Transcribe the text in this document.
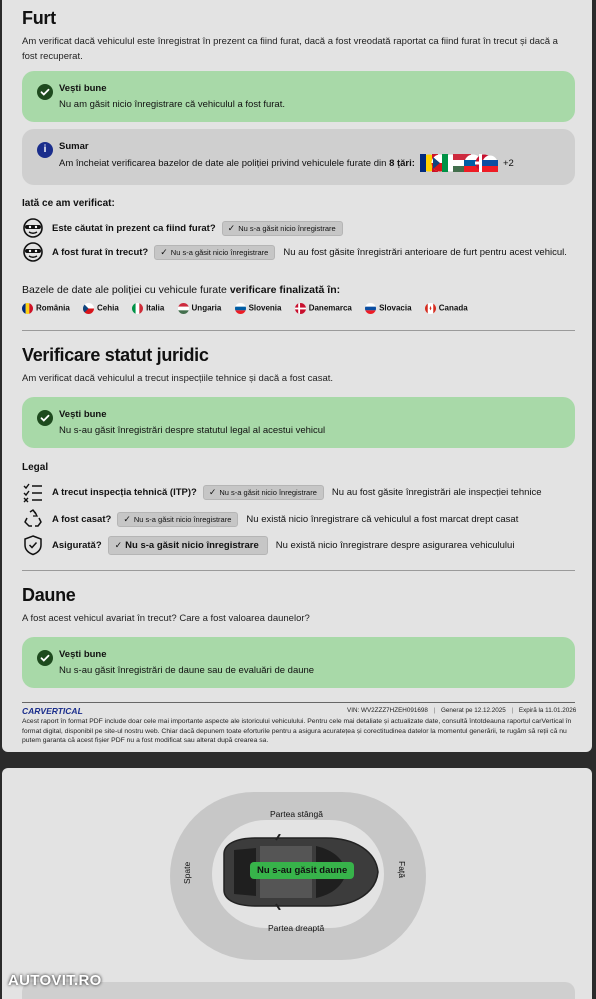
Furt
Am verificat dacă vehiculul este înregistrat în prezent ca fiind furat, dacă a fost vreodată raportat ca fiind furat în trecut și dacă a fost recuperat.
Vești bune
Nu am găsit nicio înregistrare că vehiculul a fost furat.
i	Sumar
Am încheiat verificarea bazelor de date ale poliției privind vehiculele furate din 8 țări:	+2
Iată ce am verificat:
Este căutat în prezent ca fiind furat?	✓ Nu s-a găsit nicio înregistrare
A fost furat în trecut?	✓ Nu s-a găsit nicio înregistrare	Nu au fost găsite înregistrări anterioare de furt pentru acest vehicul.
Bazele de date ale poliției cu vehicule furate verificare finalizată în:
România	Cehia	Italia	Ungaria	Slovenia	Danemarca	Slovacia	Canada
Verificare statut juridic
Am verificat dacă vehiculul a trecut inspecțiile tehnice și dacă a fost casat.
Vești bune
Nu s-au găsit înregistrări despre statutul legal al acestui vehicul
Legal
A trecut inspecția tehnică (ITP)?	✓ Nu s-a găsit nicio înregistrare	Nu au fost găsite înregistrări ale inspecției tehnice
A fost casat?	✓ Nu s-a găsit nicio înregistrare	Nu există nicio înregistrare că vehiculul a fost marcat drept casat
Asigurată?	✓ Nu s-a găsit nicio înregistrare	Nu există nicio înregistrare despre asigurarea vehiculului
Daune
A fost acest vehicul avariat în trecut? Care a fost valoarea daunelor?
Vești bune
Nu s-au găsit înregistrări de daune sau de evaluări de daune
CARVERTICAL	VIN: WV2ZZZ7HZEH091698 | Generat pe 12.12.2025 | Expiră la 11.01.2026
Acest raport în format PDF include doar cele mai importante aspecte ale istoricului vehiculului. Pentru cele mai detaliate și actualizate date, consultă întotdeauna raportul carVertical în format digital, disponibil pe site-ul nostru web. Chiar dacă depunem toate eforturile pentru a asigura acuratețea și corectitudinea datelor la momentul generării, te rugăm să reții că nu putem garanta că acest fișier PDF nu a fost modificat sau alterat după crearea sa.
Partea stângă
Partea dreaptă
Spate	Față
Nu s-au găsit daune
AUTOVIT.RO
